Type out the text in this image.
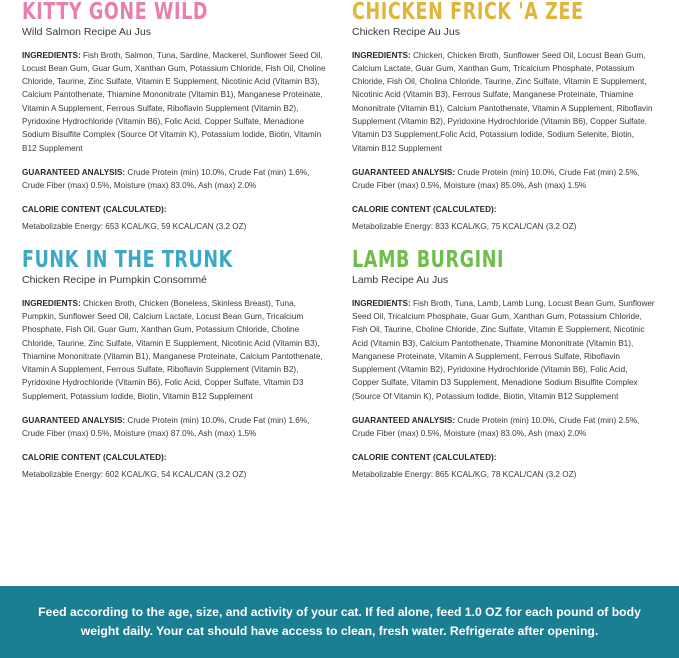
KITTY GONE WILD

Wild Salmon Recipe Au Jus

INGREDIENTS: Fish Broth, Salmon, Tuna, Sardine, Mackerel, Sunflower Seed Oil, Locust Bean Gum, Guar Gum, Xanthan Gum, Potassium Chloride, Fish Oil, Choline Chloride, Taurine, Zinc Sulfate, Vitamin E Supplement, Nicotinic Acid (Vitamin B3), Calcium Pantothenate, Thiamine Mononitrate (Vitamin B1), Manganese Proteinate, Vitamin A Supplement, Ferrous Sulfate, Riboflavin Supplement (Vitamin B2), Pyridoxine Hydrochloride (Vitamin B6), Folic Acid, Copper Sulfate, Menadione Sodium Bisulfite Complex (Source Of Vitamin K), Potassium Iodide, Biotin, Vitamin B12 Supplement

GUARANTEED ANALYSIS: Crude Protein (min) 10.0%, Crude Fat (min) 1.6%, Crude Fiber (max) 0.5%, Moisture (max) 83.0%, Ash (max) 2.0%

CALORIE CONTENT (CALCULATED):

Metabolizable Energy: 653 KCAL/KG, 59 KCAL/CAN (3.2 OZ)

CHICKEN FRICK 'A ZEE

Chicken Recipe Au Jus

INGREDIENTS: Chicken, Chicken Broth, Sunflower Seed Oil, Locust Bean Gum, Calcium Lactate, Guar Gum, Xanthan Gum, Tricalcium Phosphate, Potassium Chloride, Fish Oil, Cholina Chloride, Taurine, Zinc Sulfate, Vitamin E Supplement, Nicotinic Acid (Vitamin B3), Ferrous Sulfate, Manganese Proteinate, Thiamine Mononitrate (Vitamin B1), Calcium Pantothenate, Vitamin A Supplement, Riboflavin Supplement (Vitamin B2), Pyridoxine Hydrochloride (Vitamin B6), Copper Sulfate, Vitamin D3 Supplement,Folic Acid, Potassium Iodide, Sodium Selenite, Biotin, Vitamin B12 Supplement

GUARANTEED ANALYSIS: Crude Protein (min) 10.0%, Crude Fat (min) 2.5%, Crude Fiber (max) 0.5%, Moisture (max) 85.0%, Ash (max) 1.5%

CALORIE CONTENT (CALCULATED):

Metabolizable Energy: 833 KCAL/KG, 75 KCAL/CAN (3.2 OZ)

FUNK IN THE TRUNK

Chicken Recipe in Pumpkin Consommé

INGREDIENTS: Chicken Broth, Chicken (Boneless, Skinless Breast), Tuna, Pumpkin, Sunflower Seed Oil, Calcium Lactate, Locust Bean Gum, Tricalcium Phosphate, Fish Oil, Guar Gum, Xanthan Gum, Potassium Chloride, Choline Chloride, Taurine, Zinc Sulfate, Vitamin E Supplement, Nicotinic Acid (Vitamin B3), Thiamine Mononitrate (Vitamin B1), Manganese Proteinate, Calcium Pantothenate, Vitamin A Supplement, Ferrous Sulfate, Riboflavin Supplement (Vitamin B2), Pyridoxine Hydrochloride (Vitamin B6), Folic Acid, Copper Sulfate, Vitamin D3 Supplement, Potassium Iodide, Biotin, Vitamin B12 Supplement

GUARANTEED ANALYSIS: Crude Protein (min) 10.0%, Crude Fat (min) 1.6%, Crude Fiber (max) 0.5%, Moisture (max) 87.0%, Ash (max) 1.5%

CALORIE CONTENT (CALCULATED):

Metabolizable Energy: 602 KCAL/KG, 54 KCAL/CAN (3.2 OZ)

LAMB BURGINI

Lamb Recipe Au Jus

INGREDIENTS: Fish Broth, Tuna, Lamb, Lamb Lung, Locust Bean Gum, Sunflower Seed Oil, Tricalcium Phosphate, Guar Gum, Xanthan Gum, Potassium Chloride, Fish Oil, Taurine, Choline Chloride, Zinc Sulfate, Vitamin E Supplement, Nicotinic Acid (Vitamin B3), Calcium Pantothenate, Thiamine Mononitrate (Vitamin B1), Manganese Proteinate, Vitamin A Supplement, Ferrous Sulfate, Riboflavin Supplement (Vitamin B2), Pyridoxine Hydrochloride (Vitamin B6), Folic Acid, Copper Sulfate, Vitamin D3 Supplement, Menadione Sodium Bisulfite Complex (Source Of Vitamin K), Potassium Iodide, Biotin, Vitamin B12 Supplement

GUARANTEED ANALYSIS: Crude Protein (min) 10.0%, Crude Fat (min) 2.5%, Crude Fiber (max) 0.5%, Moisture (max) 83.0%, Ash (max) 2.0%

CALORIE CONTENT (CALCULATED):

Metabolizable Energy: 865 KCAL/KG, 78 KCAL/CAN (3.2 OZ)

Feed according to the age, size, and activity of your cat. If fed alone, feed 1.0 OZ for each pound of body weight daily. Your cat should have access to clean, fresh water. Refrigerate after opening.
